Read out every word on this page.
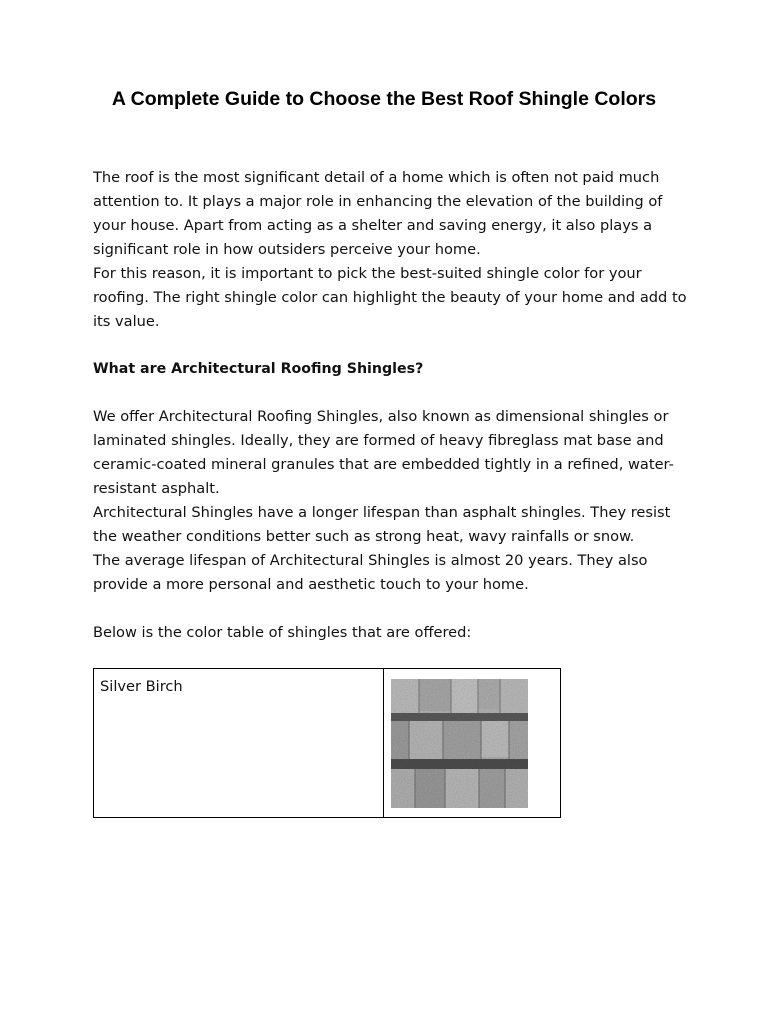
A Complete Guide to Choose the Best Roof Shingle Colors

The roof is the most significant detail of a home which is often not paid much attention to. It plays a major role in enhancing the elevation of the building of your house. Apart from acting as a shelter and saving energy, it also plays a significant role in how outsiders perceive your home.

For this reason, it is important to pick the best-suited shingle color for your roofing. The right shingle color can highlight the beauty of your home and add to its value.

What are Architectural Roofing Shingles?

We offer Architectural Roofing Shingles, also known as dimensional shingles or laminated shingles. Ideally, they are formed of heavy fibreglass mat base and ceramic-coated mineral granules that are embedded tightly in a refined, water-resistant asphalt.

Architectural Shingles have a longer lifespan than asphalt shingles. They resist the weather conditions better such as strong heat, wavy rainfalls or snow.

The average lifespan of Architectural Shingles is almost 20 years. They also provide a more personal and aesthetic touch to your home.

Below is the color table of shingles that are offered:

Silver Birch	
